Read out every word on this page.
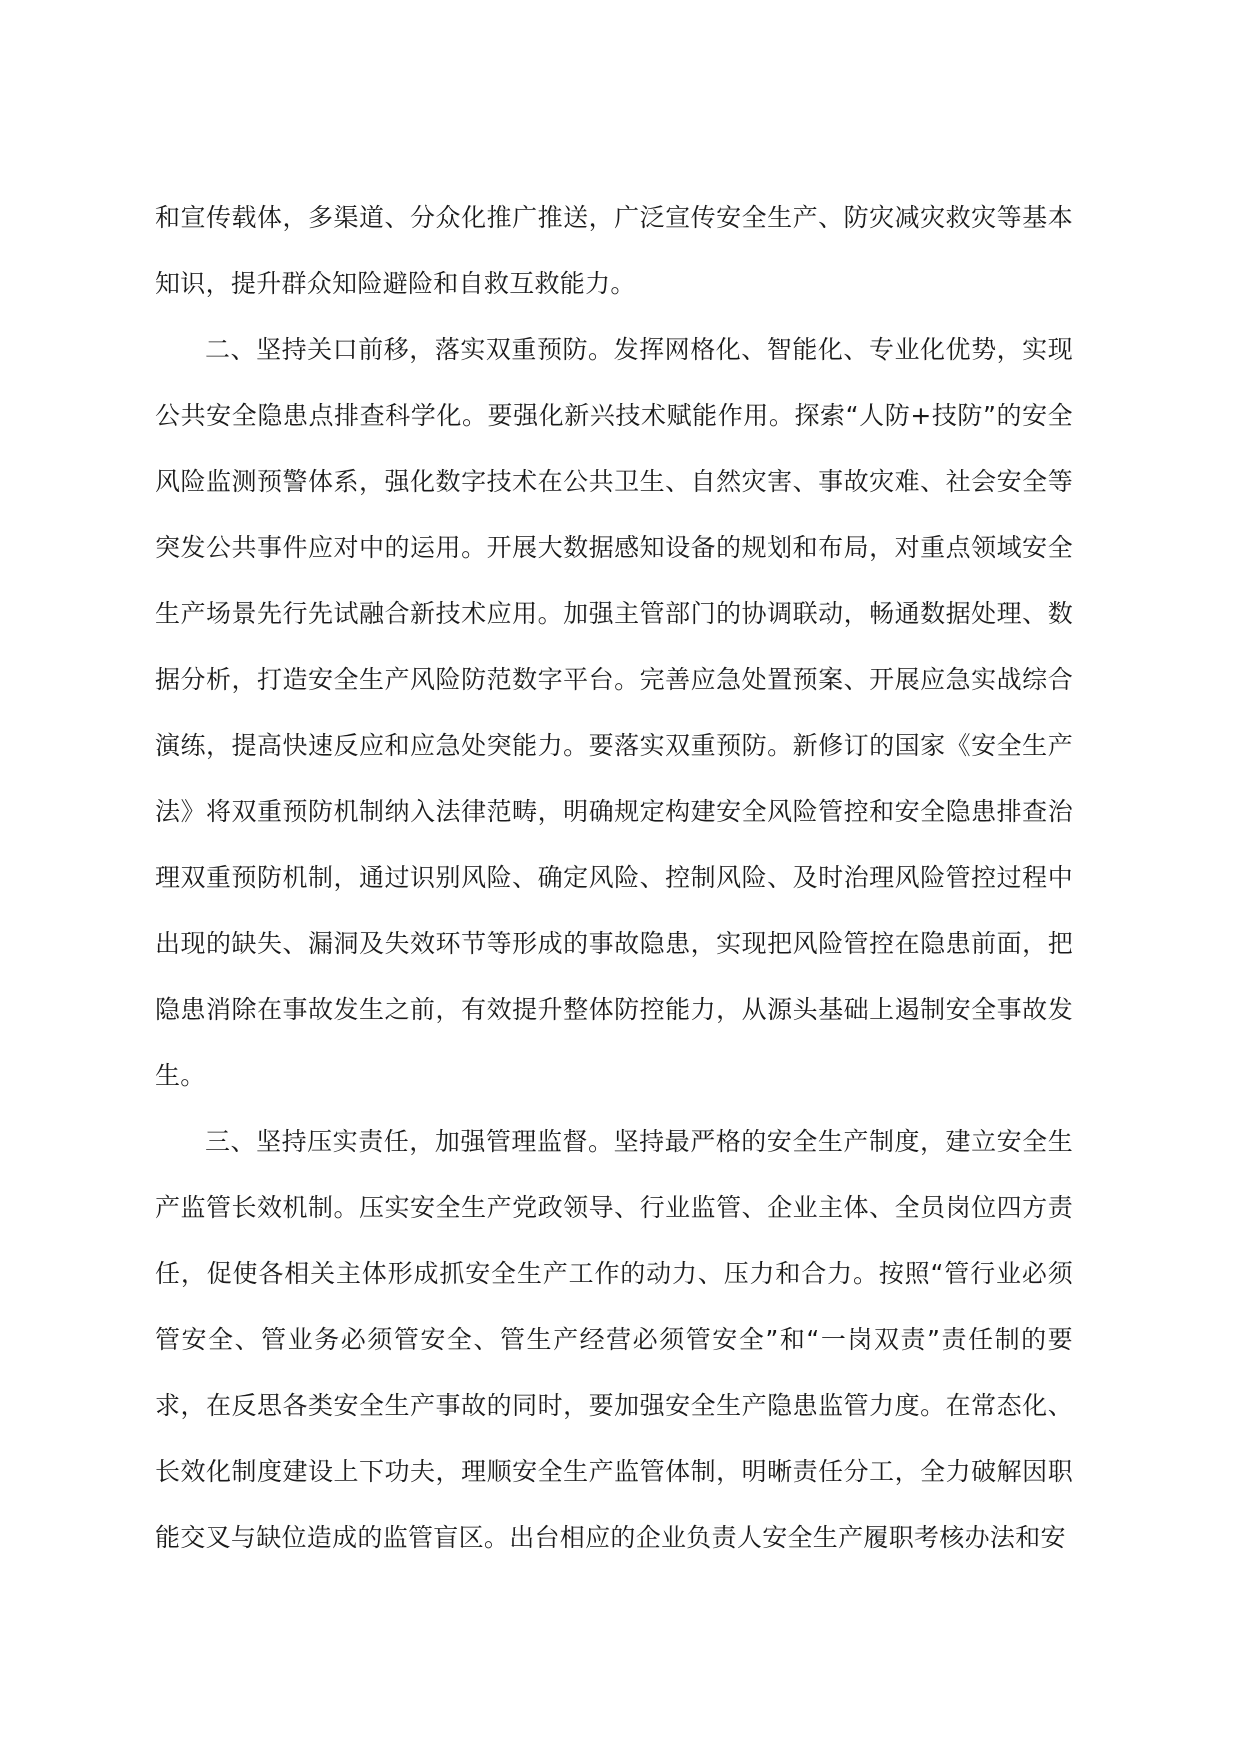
和宣传载体，多渠道、分众化推广推送，广泛宣传安全生产、防灾减灾救灾等基本知识，提升群众知险避险和自救互救能力。

二、坚持关口前移，落实双重预防。发挥网格化、智能化、专业化优势，实现公共安全隐患点排查科学化。要强化新兴技术赋能作用。探索“人防+技防”的安全风险监测预警体系，强化数字技术在公共卫生、自然灾害、事故灾难、社会安全等突发公共事件应对中的运用。开展大数据感知设备的规划和布局，对重点领域安全生产场景先行先试融合新技术应用。加强主管部门的协调联动，畅通数据处理、数据分析，打造安全生产风险防范数字平台。完善应急处置预案、开展应急实战综合演练，提高快速反应和应急处突能力。要落实双重预防。新修订的国家《安全生产法》将双重预防机制纳入法律范畴，明确规定构建安全风险管控和安全隐患排查治理双重预防机制，通过识别风险、确定风险、控制风险、及时治理风险管控过程中出现的缺失、漏洞及失效环节等形成的事故隐患，实现把风险管控在隐患前面，把隐患消除在事故发生之前，有效提升整体防控能力，从源头基础上遏制安全事故发生。

三、坚持压实责任，加强管理监督。坚持最严格的安全生产制度，建立安全生产监管长效机制。压实安全生产党政领导、行业监管、企业主体、全员岗位四方责任，促使各相关主体形成抓安全生产工作的动力、压力和合力。按照“管行业必须管安全、管业务必须管安全、管生产经营必须管安全”和“一岗双责”责任制的要求，在反思各类安全生产事故的同时，要加强安全生产隐患监管力度。在常态化、长效化制度建设上下功夫，理顺安全生产监管体制，明晰责任分工，全力破解因职能交叉与缺位造成的监管盲区。出台相应的企业负责人安全生产履职考核办法和安
